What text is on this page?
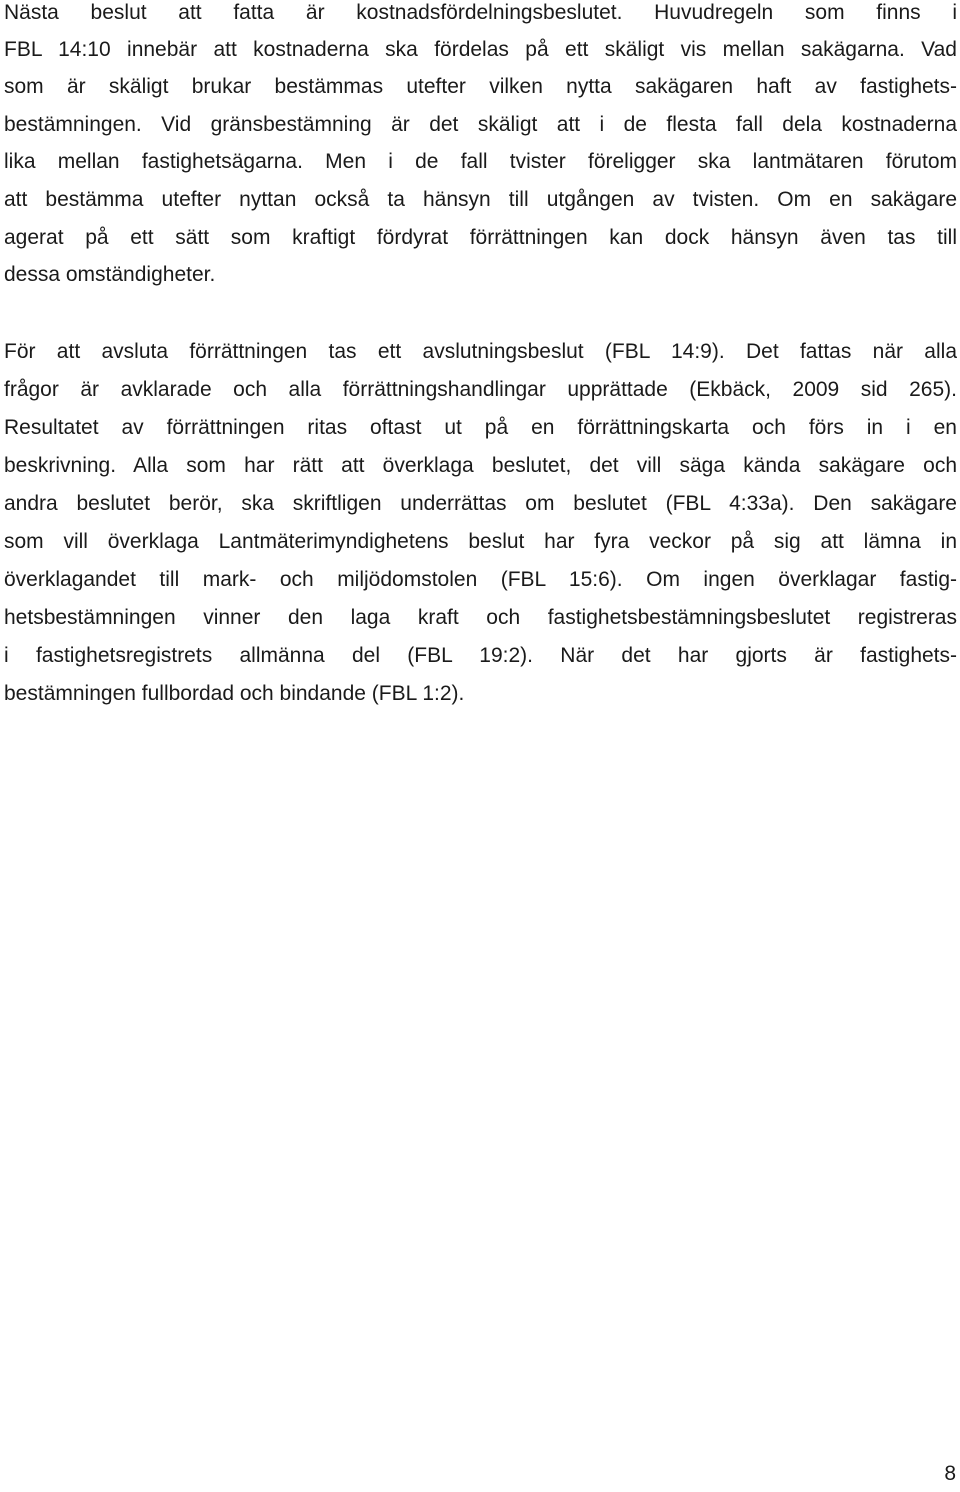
Nästa beslut att fatta är kostnadsfördelningsbeslutet. Huvudregeln som finns i
FBL 14:10 innebär att kostnaderna ska fördelas på ett skäligt vis mellan sakägarna. Vad
som är skäligt brukar bestämmas utefter vilken nytta sakägaren haft av fastighets-
bestämningen. Vid gränsbestämning är det skäligt att i de flesta fall dela kostnaderna
lika mellan fastighetsägarna. Men i de fall tvister föreligger ska lantmätaren förutom
att bestämma utefter nyttan också ta hänsyn till utgången av tvisten. Om en sakägare
agerat på ett sätt som kraftigt fördyrat förrättningen kan dock hänsyn även tas till
dessa omständigheter.
För att avsluta förrättningen tas ett avslutningsbeslut (FBL 14:9). Det fattas när alla
frågor är avklarade och alla förrättningshandlingar upprättade (Ekbäck, 2009 sid 265).
Resultatet av förrättningen ritas oftast ut på en förrättningskarta och förs in i en
beskrivning. Alla som har rätt att överklaga beslutet, det vill säga kända sakägare och
andra beslutet berör, ska skriftligen underrättas om beslutet (FBL 4:33a). Den sakägare
som vill överklaga Lantmäterimyndighetens beslut har fyra veckor på sig att lämna in
överklagandet till mark- och miljödomstolen (FBL 15:6). Om ingen överklagar fastig-
hetsbestämningen vinner den laga kraft och fastighetsbestämningsbeslutet registreras
i fastighetsregistrets allmänna del (FBL 19:2). När det har gjorts är fastighets-
bestämningen fullbordad och bindande (FBL 1:2).
8
